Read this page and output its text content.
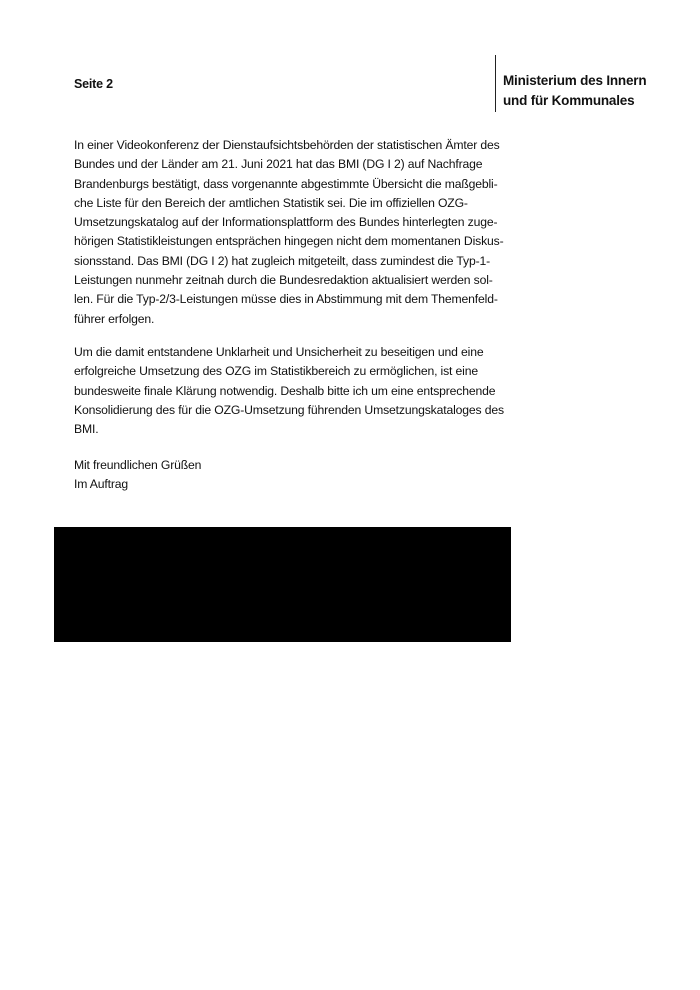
Seite 2	Ministerium des Innern
und für Kommunales
In einer Videokonferenz der Dienstaufsichtsbehörden der statistischen Ämter des
Bundes und der Länder am 21. Juni 2021 hat das BMI (DG I 2) auf Nachfrage
Brandenburgs bestätigt, dass vorgenannte abgestimmte Übersicht die maßgebli-
che Liste für den Bereich der amtlichen Statistik sei. Die im offiziellen OZG-
Umsetzungskatalog auf der Informationsplattform des Bundes hinterlegten zuge-
hörigen Statistikleistungen entsprächen hingegen nicht dem momentanen Diskus-
sionsstand. Das BMI (DG I 2) hat zugleich mitgeteilt, dass zumindest die Typ-1-
Leistungen nunmehr zeitnah durch die Bundesredaktion aktualisiert werden sol-
len. Für die Typ-2/3-Leistungen müsse dies in Abstimmung mit dem Themenfeld-
führer erfolgen.
Um die damit entstandene Unklarheit und Unsicherheit zu beseitigen und eine
erfolgreiche Umsetzung des OZG im Statistikbereich zu ermöglichen, ist eine
bundesweite finale Klärung notwendig. Deshalb bitte ich um eine entsprechende
Konsolidierung des für die OZG-Umsetzung führenden Umsetzungskataloges des
BMI.
Mit freundlichen Grüßen
Im Auftrag
